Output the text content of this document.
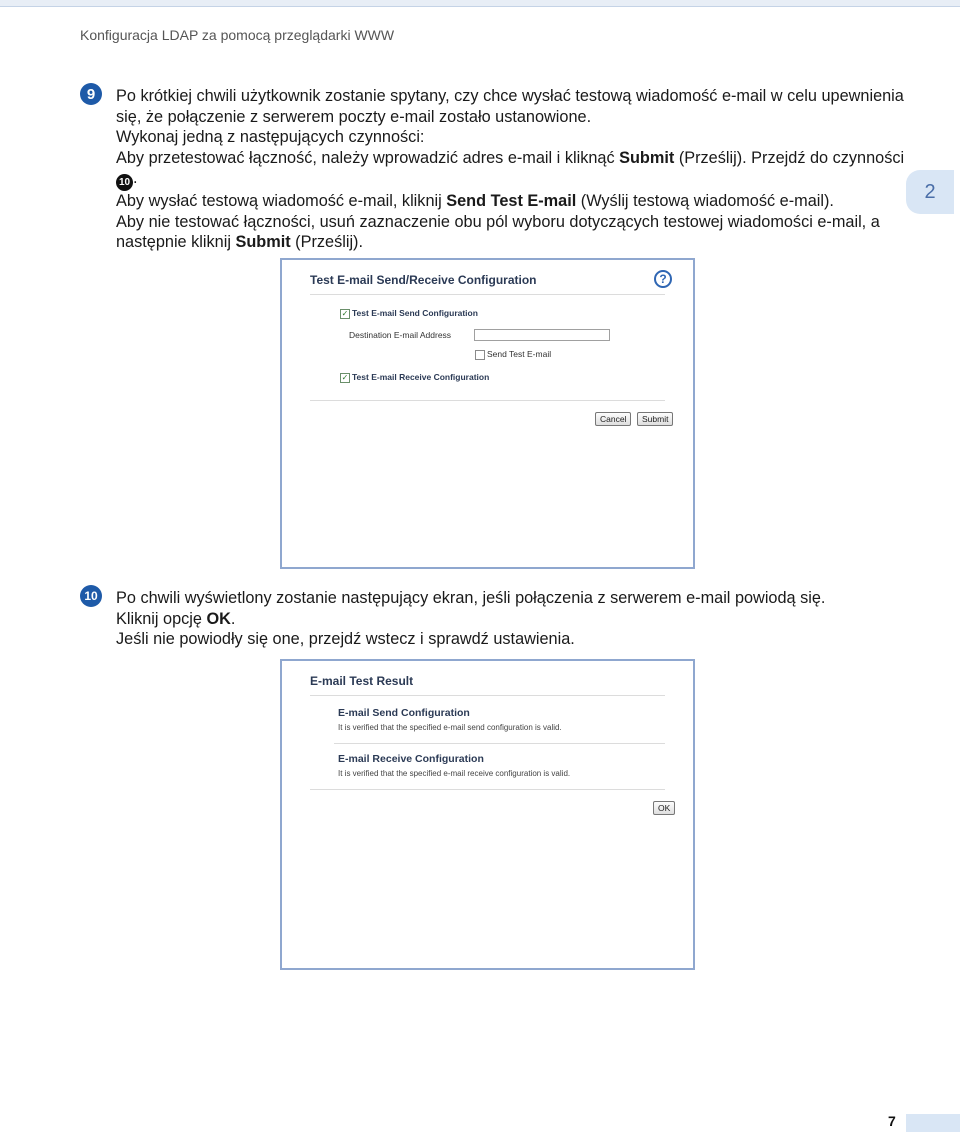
Konfiguracja LDAP za pomocą przeglądarki WWW
2
9	Po krótkiej chwili użytkownik zostanie spytany, czy chce wysłać testową wiadomość e-mail w celu upewnienia się, że połączenie z serwerem poczty e-mail zostało ustanowione.

Wykonaj jedną z następujących czynności:

Aby przetestować łączność, należy wprowadzić adres e-mail i kliknąć Submit (Prześlij). Przejdź do czynności 10 .

Aby wysłać testową wiadomość e-mail, kliknij Send Test E-mail (Wyślij testową wiadomość e-mail).

Aby nie testować łączności, usuń zaznaczenie obu pól wyboru dotyczących testowej wiadomości e-mail, a następnie kliknij Submit (Prześlij).

Test E-mail Send/Receive Configuration	?
✓ Test E-mail Send Configuration
Destination E-mail Address
Send Test E-mail
✓ Test E-mail Receive Configuration
Cancel	Submit
10 Po chwili wyświetlony zostanie następujący ekran, jeśli połączenia z serwerem e-mail powiodą się.

Kliknij opcję OK.

Jeśli nie powiodły się one, przejdź wstecz i sprawdź ustawienia.

E-mail Test Result
E-mail Send Configuration
It is verified that the specified e-mail send configuration is valid.
E-mail Receive Configuration
It is verified that the specified e-mail receive configuration is valid.
OK
7
